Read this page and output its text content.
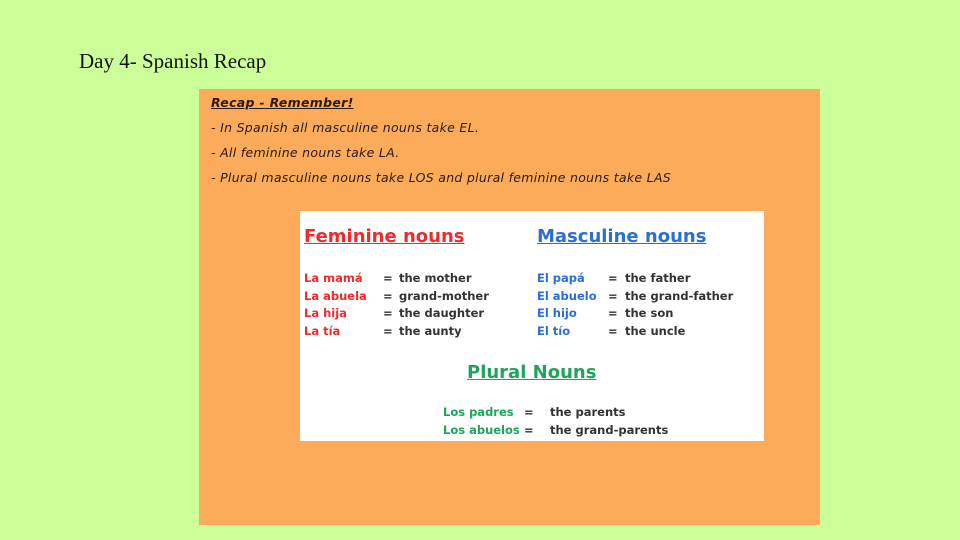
Day 4- Spanish Recap
Recap - Remember!
- In Spanish all masculine nouns take EL.
- All feminine nouns take LA.
- Plural masculine nouns take LOS and plural feminine nouns take LAS
Feminine nouns	Masculine nouns
La mamá = the mother
La abuela = grand-mother
La hija	= the daughter
La tía	= the aunty
El papá = the father
El abuelo = the grand-father
El hijo	= the son
El tío	= the uncle
Plural Nouns
Los padres = the parents
Los abuelos = the grand-parents
